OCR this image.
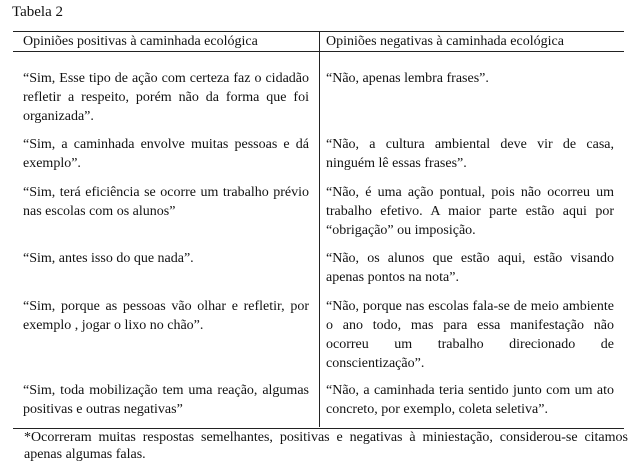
Tabela 2
Opiniões positivas à caminhada ecológica	Opiniões negativas à caminhada ecológica
“Sim, Esse tipo de ação com certeza faz o cidadão refletir a respeito, porém não da forma que foi organizada”.
“Não, apenas lembra frases”.
“Sim, a caminhada envolve muitas pessoas e dá exemplo”.
“Não, a cultura ambiental deve vir de casa, ninguém lê essas frases”.
“Sim, terá eficiência se ocorre um trabalho prévio nas escolas com os alunos”
“Não, é uma ação pontual, pois não ocorreu um trabalho efetivo. A maior parte estão aqui por “obrigação” ou imposição.
“Sim, antes isso do que nada”.	“Não, os alunos que estão aqui, estão visando apenas pontos na nota”.
“Sim, porque as pessoas vão olhar e refletir, por exemplo , jogar o lixo no chão”.
“Não, porque nas escolas fala-se de meio ambiente o ano todo, mas para essa manifestação não ocorreu um trabalho direcionado de conscientização”.
“Sim, toda mobilização tem uma reação, algumas positivas e outras negativas”
“Não, a caminhada teria sentido junto com um ato concreto, por exemplo, coleta seletiva”.
*Ocorreram muitas respostas semelhantes, positivas e negativas à miniestação, considerou-se citamos apenas algumas falas.
